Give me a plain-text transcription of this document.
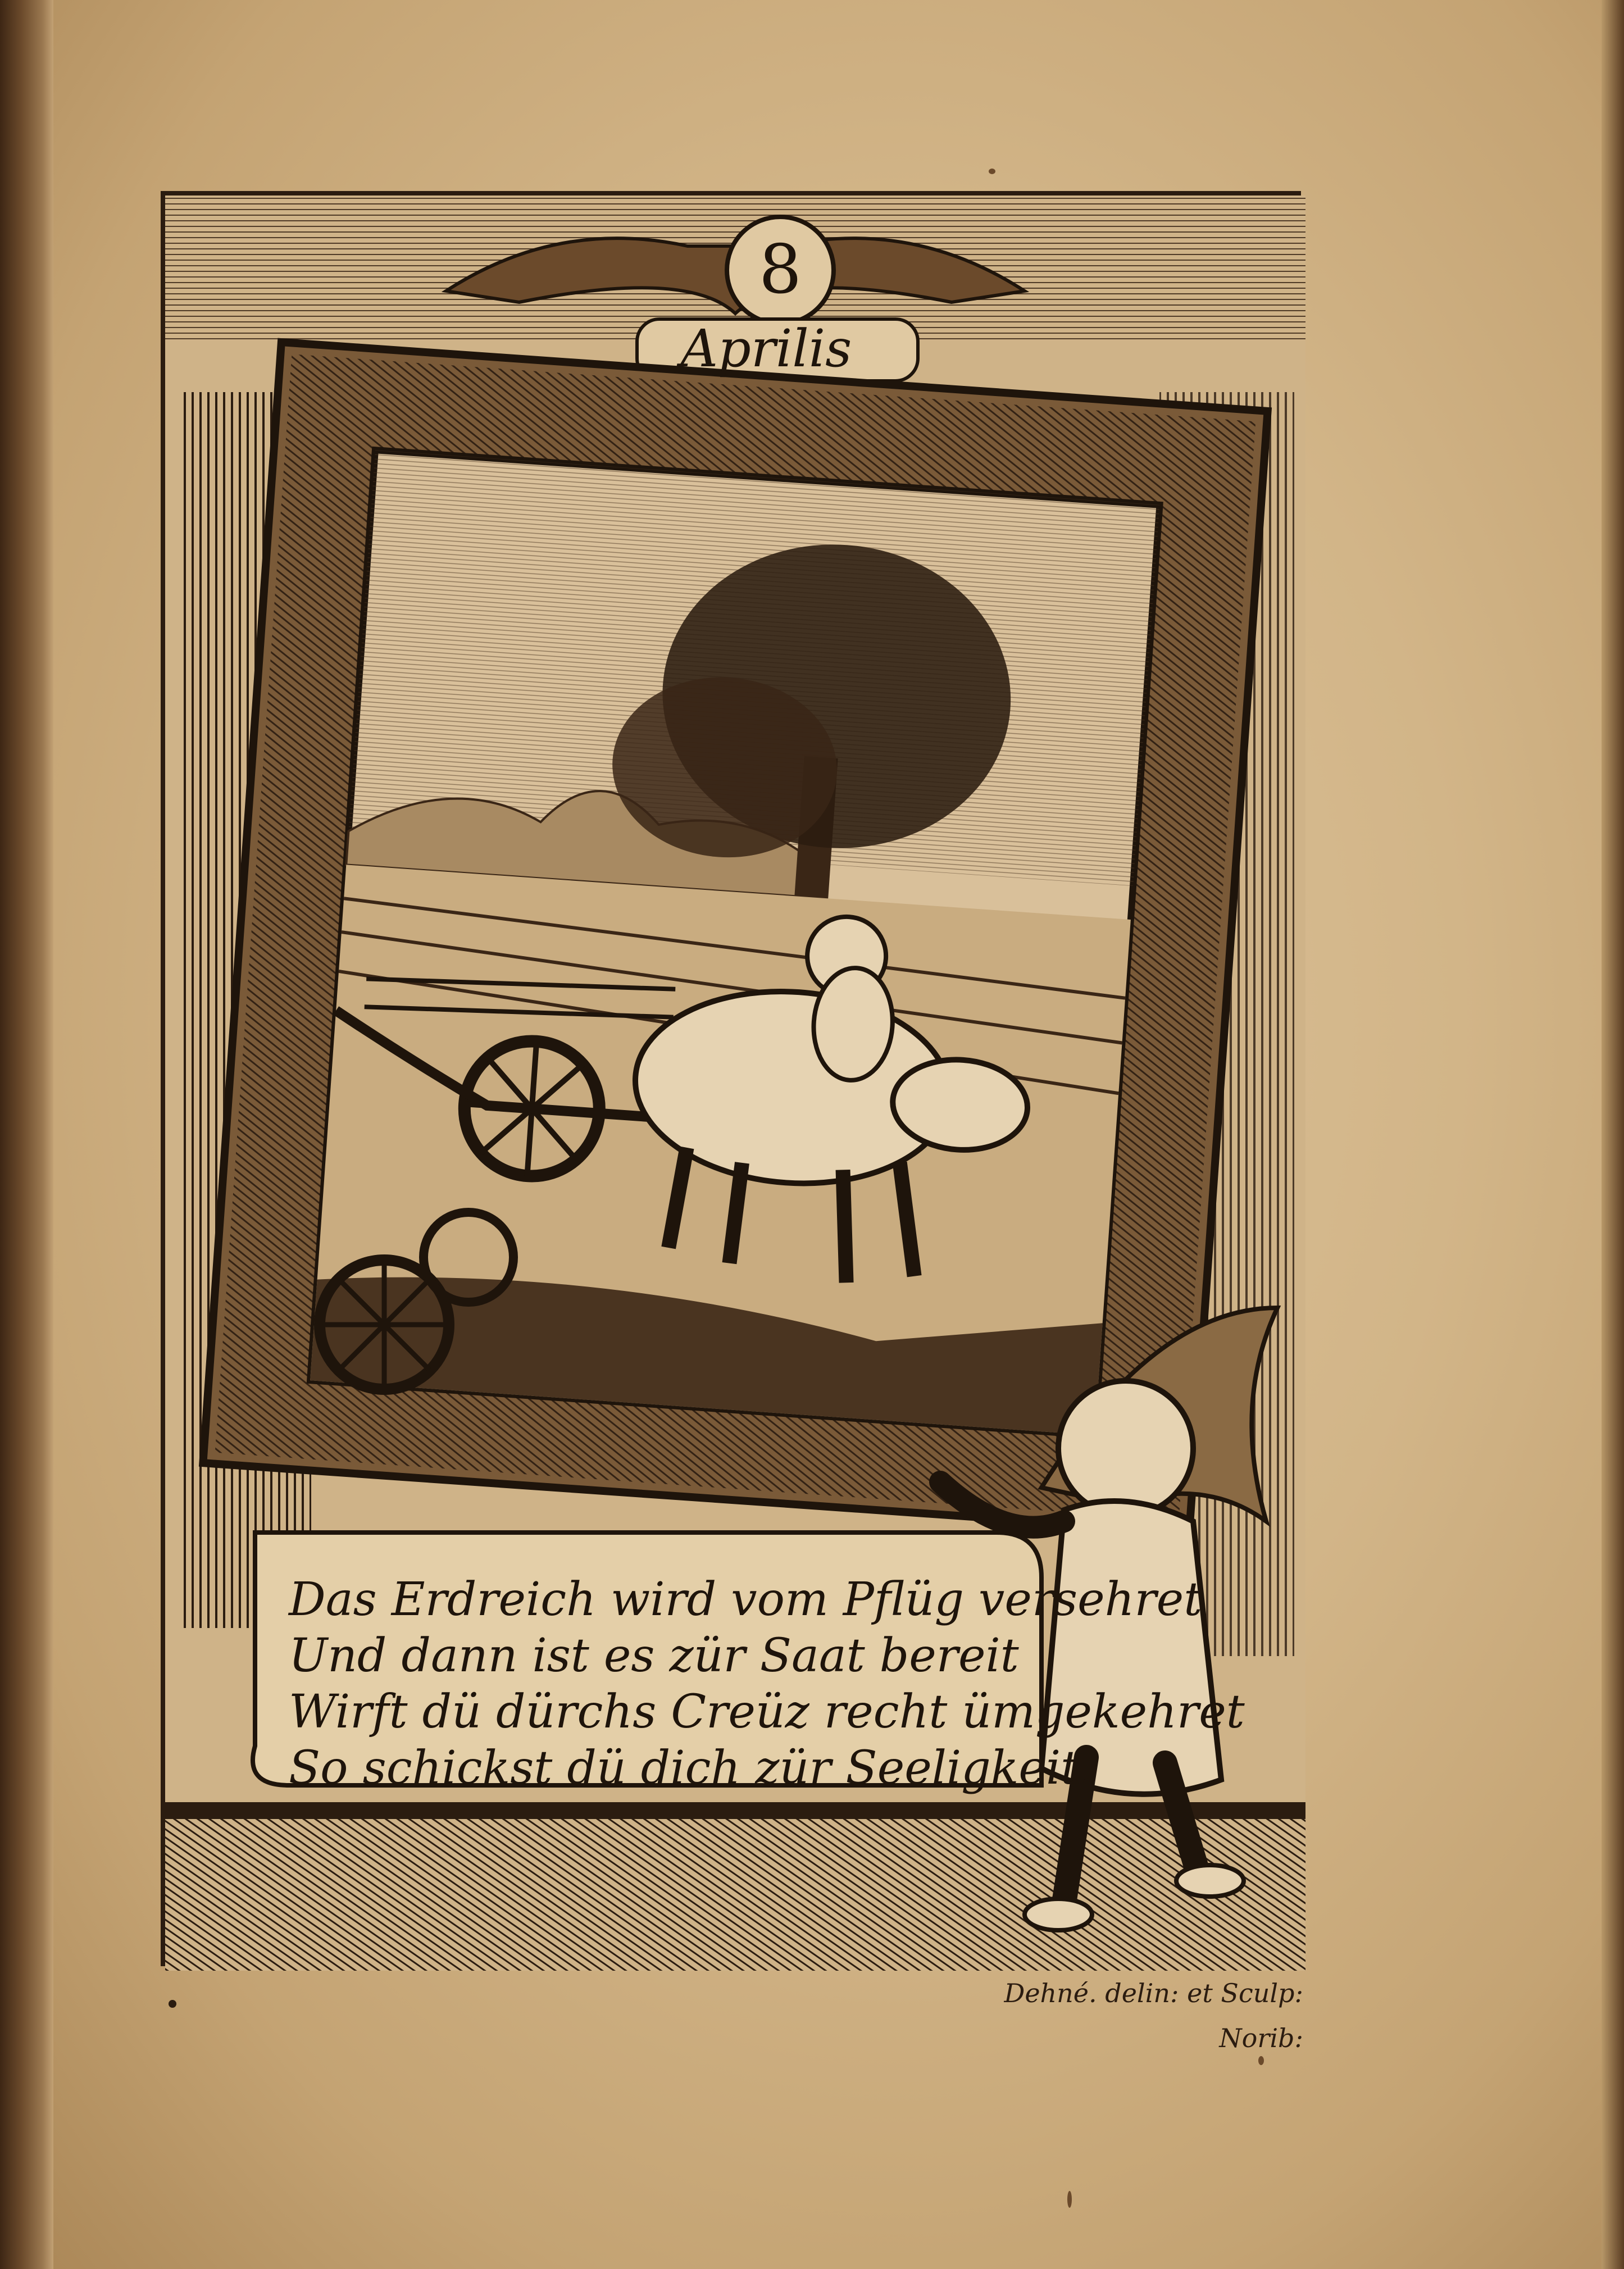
8
Aprilis
Das Erdreich wird vom Pflüg versehret
Und dann ist es zür Saat bereit
Wirft dü dürchs Creüz recht ümgekehret
So schickst dü dich zür Seeligkeit.
Dehné. delin: et Sculp: Norib:
